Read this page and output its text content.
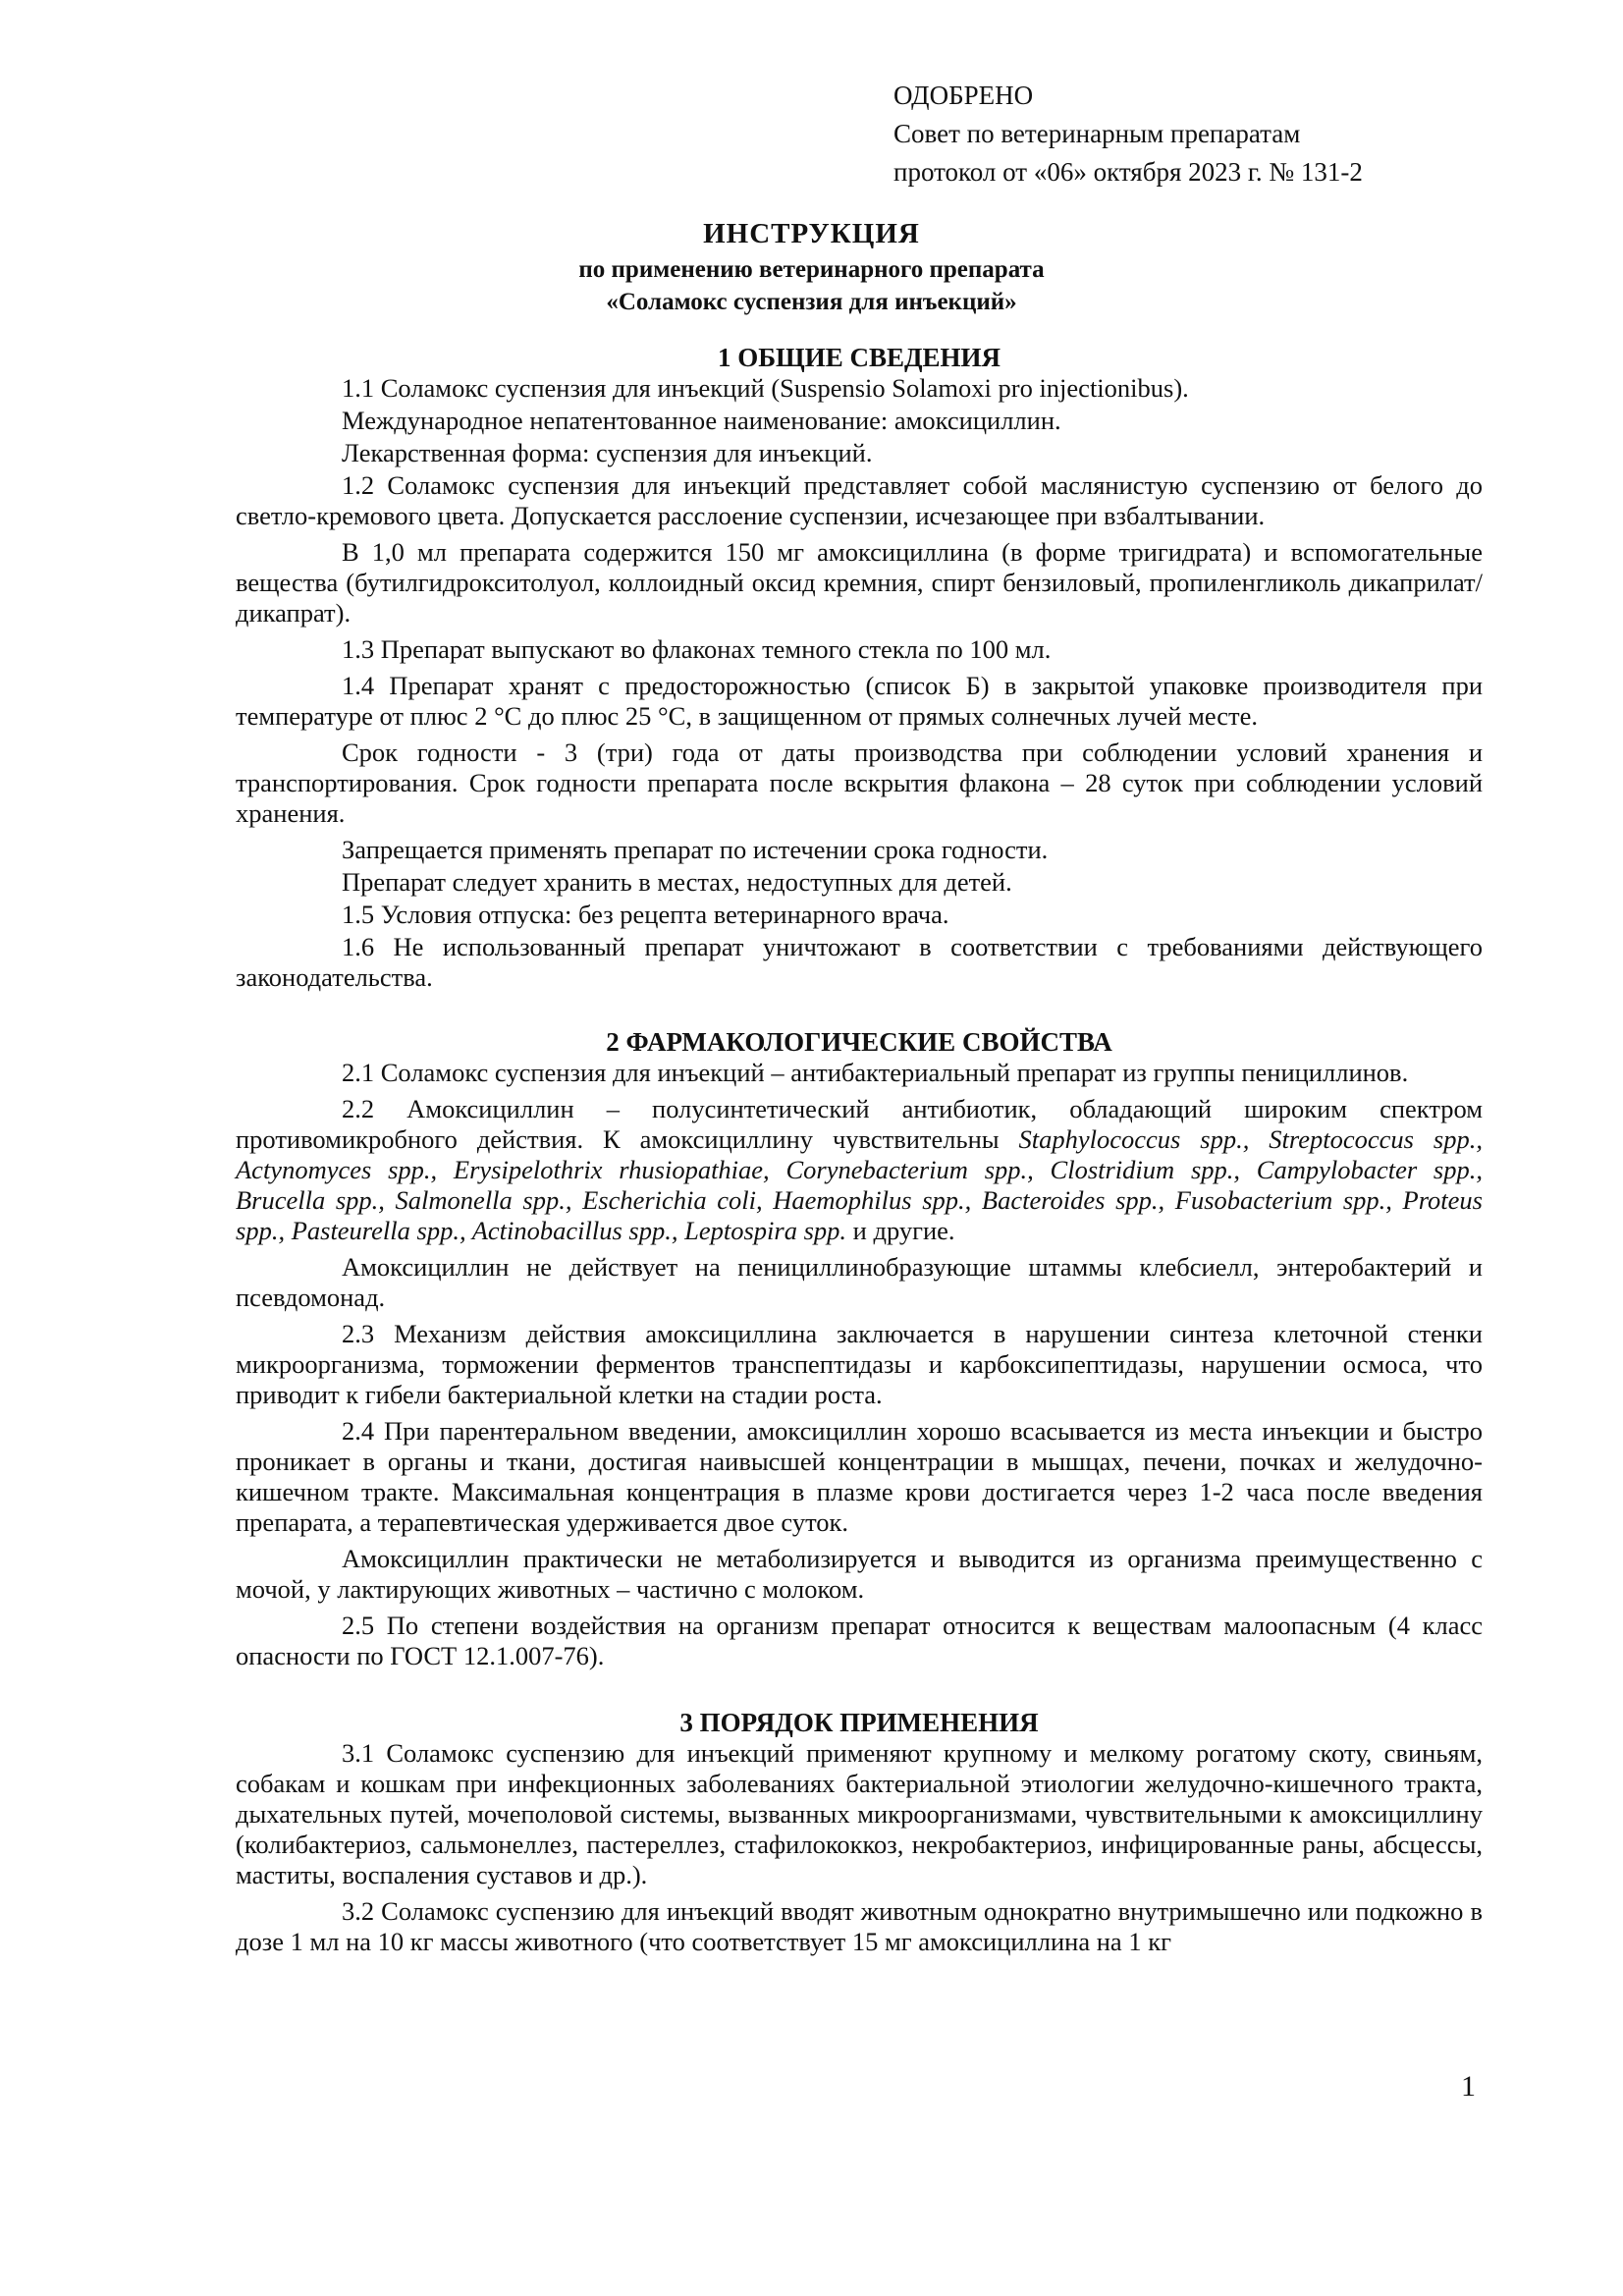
ОДОБРЕНО
Совет по ветеринарным препаратам
протокол от «06» октября 2023 г. № 131-2
ИНСТРУКЦИЯ
по применению ветеринарного препарата
«Соламокс суспензия для инъекций»
1 ОБЩИЕ СВЕДЕНИЯ

1.1 Соламокс суспензия для инъекций (Suspensio Solamoxi pro injectionibus).

Международное непатентованное наименование: амоксициллин.

Лекарственная форма: суспензия для инъекций.

1.2 Соламокс суспензия для инъекций представляет собой маслянистую суспензию от белого до светло-кремового цвета. Допускается расслоение суспензии, исчезающее при взбалтывании.

В 1,0 мл препарата содержится 150 мг амоксициллина (в форме тригидрата) и вспомогательные вещества (бутилгидрокситолуол, коллоидный оксид кремния, спирт бензиловый, пропиленгликоль дикаприлат/дикапрат).

1.3 Препарат выпускают во флаконах темного стекла по 100 мл.

1.4 Препарат хранят с предосторожностью (список Б) в закрытой упаковке производителя при температуре от плюс 2 °С до плюс 25 °С, в защищенном от прямых солнечных лучей месте.

Срок годности - 3 (три) года от даты производства при соблюдении условий хранения и транспортирования. Срок годности препарата после вскрытия флакона – 28 суток при соблюдении условий хранения.

Запрещается применять препарат по истечении срока годности.

Препарат следует хранить в местах, недоступных для детей.

1.5 Условия отпуска: без рецепта ветеринарного врача.

1.6 Не использованный препарат уничтожают в соответствии с требованиями действующего законодательства.

2 ФАРМАКОЛОГИЧЕСКИЕ СВОЙСТВА

2.1 Соламокс суспензия для инъекций – антибактериальный препарат из группы пенициллинов.

2.2 Амоксициллин – полусинтетический антибиотик, обладающий широким спектром противомикробного действия. К амоксициллину чувствительны Staphylococcus spp., Streptococcus spp., Actynomyces spp., Erysipelothrix rhusiopathiae, Corynebacterium spp., Clostridium spp., Campylobacter spp., Brucella spp., Salmonella spp., Escherichia coli, Haemophilus spp., Bacteroides spp., Fusobacterium spp., Proteus spp., Pasteurella spp., Actinobacillus spp., Leptospira spp. и другие.

Амоксициллин не действует на пенициллинобразующие штаммы клебсиелл, энтеробактерий и псевдомонад.

2.3 Механизм действия амоксициллина заключается в нарушении синтеза клеточной стенки микроорганизма, торможении ферментов транспептидазы и карбоксипептидазы, нарушении осмоса, что приводит к гибели бактериальной клетки на стадии роста.

2.4 При парентеральном введении, амоксициллин хорошо всасывается из места инъекции и быстро проникает в органы и ткани, достигая наивысшей концентрации в мышцах, печени, почках и желудочно-кишечном тракте. Максимальная концентрация в плазме крови достигается через 1-2 часа после введения препарата, а терапевтическая удерживается двое суток.

Амоксициллин практически не метаболизируется и выводится из организма преимущественно с мочой, у лактирующих животных – частично с молоком.

2.5 По степени воздействия на организм препарат относится к веществам малоопасным (4 класс опасности по ГОСТ 12.1.007-76).

3 ПОРЯДОК ПРИМЕНЕНИЯ

3.1 Соламокс суспензию для инъекций применяют крупному и мелкому рогатому скоту, свиньям, собакам и кошкам при инфекционных заболеваниях бактериальной этиологии желудочно-кишечного тракта, дыхательных путей, мочеполовой системы, вызванных микроорганизмами, чувствительными к амоксициллину (колибактериоз, сальмонеллез, пастереллез, стафилококкоз, некробактериоз, инфицированные раны, абсцессы, маститы, воспаления суставов и др.).

3.2 Соламокс суспензию для инъекций вводят животным однократно внутримышечно или подкожно в дозе 1 мл на 10 кг массы животного (что соответствует 15 мг амоксициллина на 1 кг

1
